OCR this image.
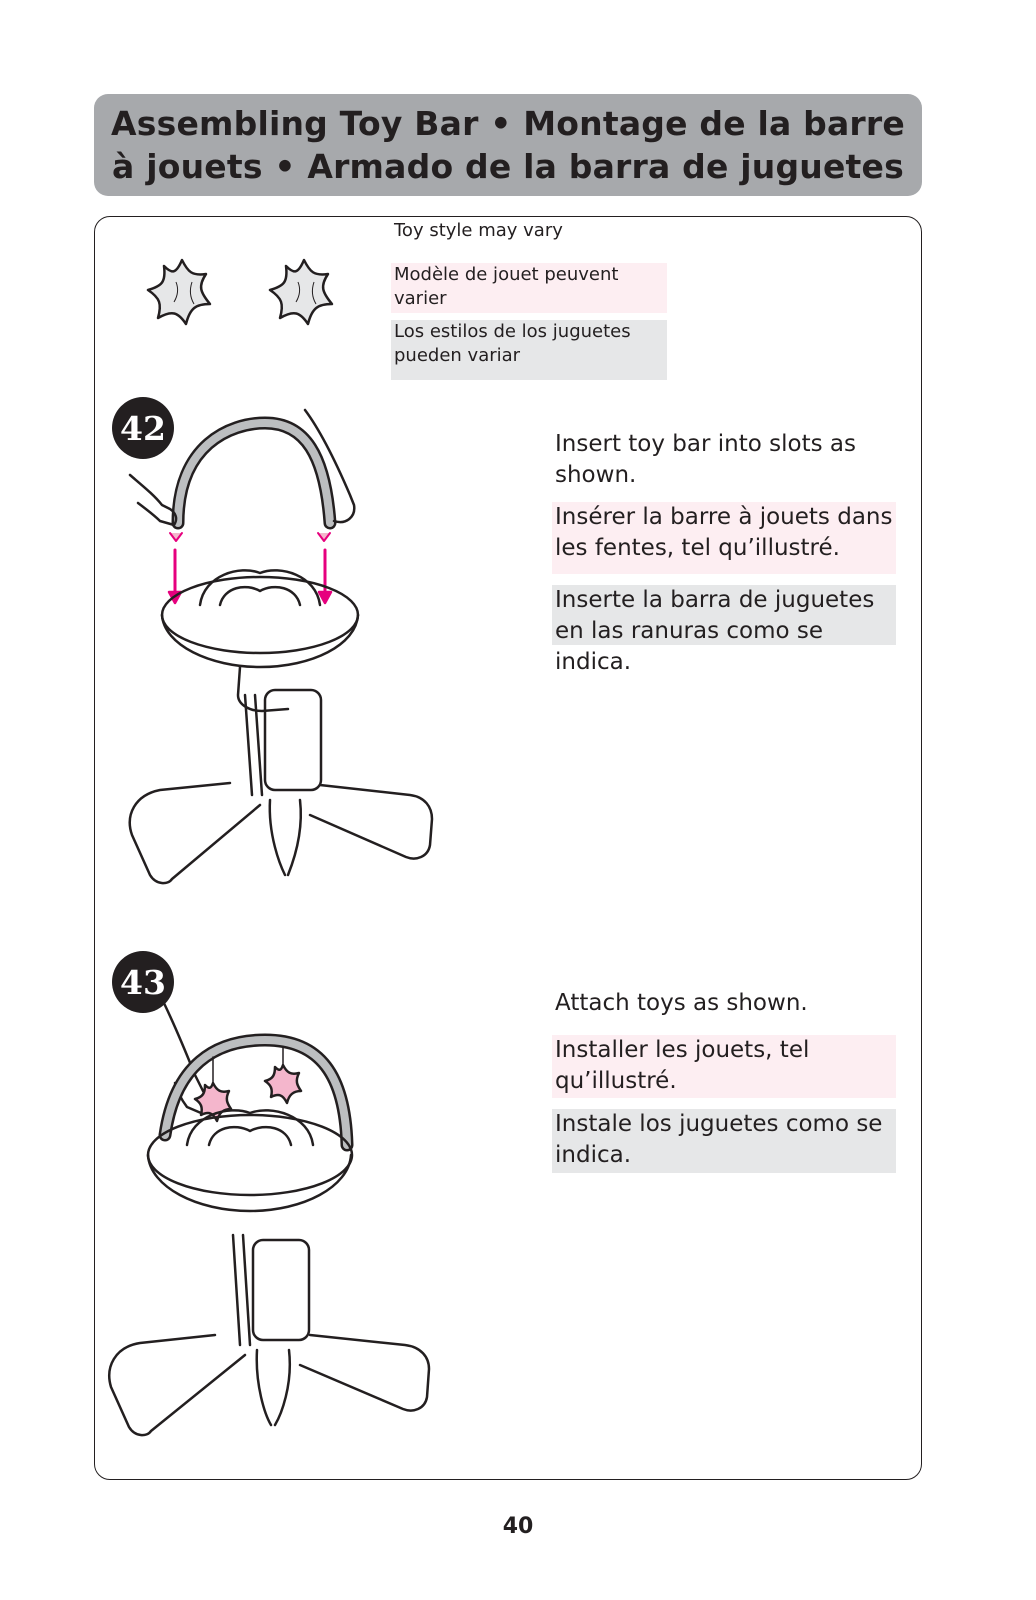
Assembling Toy Bar • Montage de la barre à jouets • Armado de la barra de juguetes
Toy style may vary
Modèle de jouet peuvent varier
Los estilos de los juguetes pueden variar
42	Insert toy bar into slots as shown.
Insérer la barre à jouets dans les fentes, tel qu’illustré.
Inserte la barra de juguetes en las ranuras como se indica.
43
Attach toys as shown.
Installer les jouets, tel qu’illustré.
Instale los juguetes como se indica.
40
